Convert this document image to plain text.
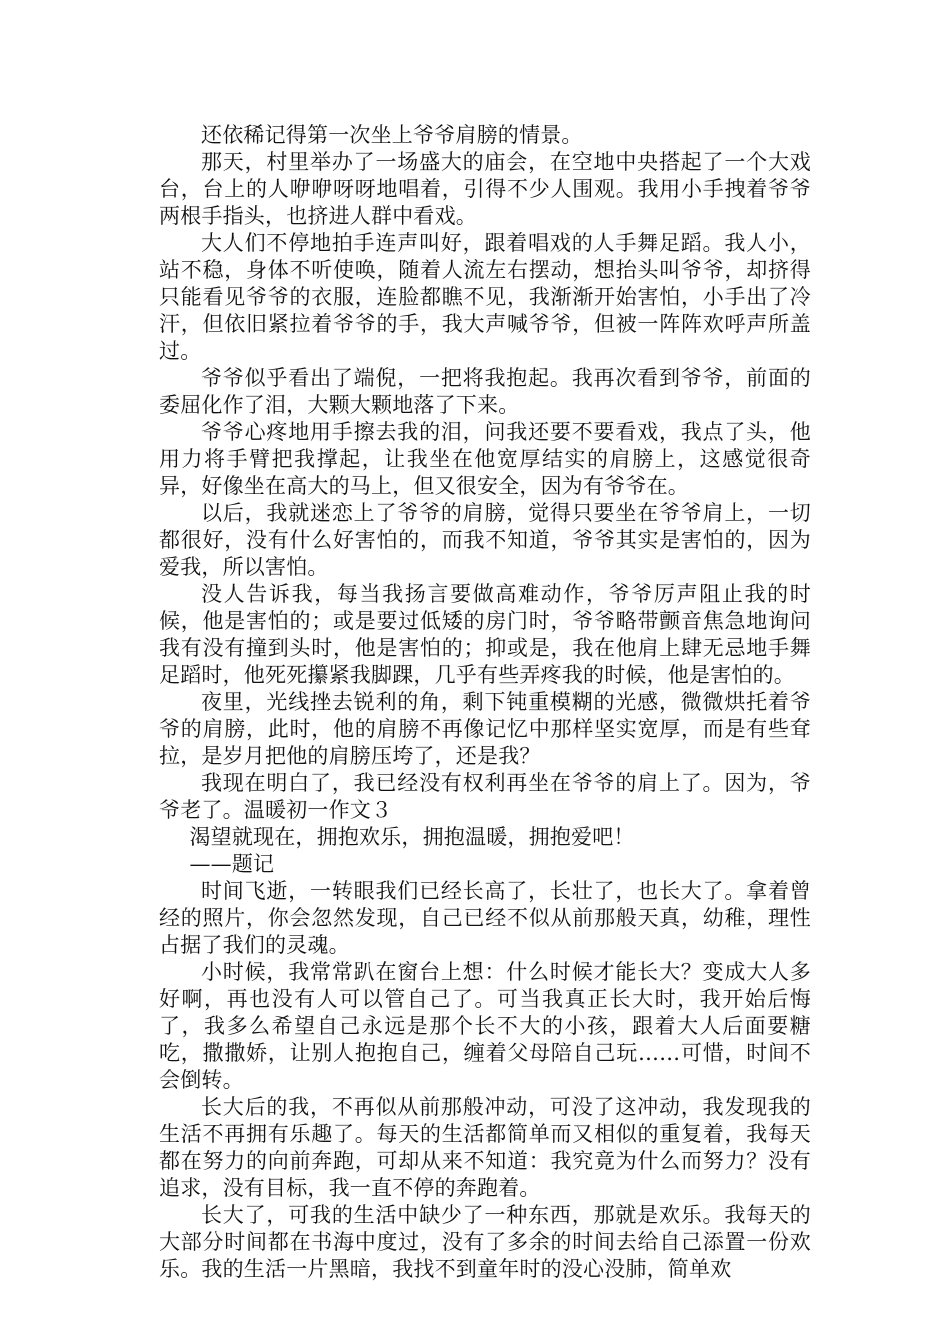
还依稀记得第一次坐上爷爷肩膀的情景。

那天，村里举办了一场盛大的庙会，在空地中央搭起了一个大戏台，台上的人咿咿呀呀地唱着，引得不少人围观。我用小手拽着爷爷两根手指头，也挤进人群中看戏。

大人们不停地拍手连声叫好，跟着唱戏的人手舞足蹈。我人小，站不稳，身体不听使唤，随着人流左右摆动，想抬头叫爷爷，却挤得只能看见爷爷的衣服，连脸都瞧不见，我渐渐开始害怕，小手出了冷汗，但依旧紧拉着爷爷的手，我大声喊爷爷，但被一阵阵欢呼声所盖过。

爷爷似乎看出了端倪，一把将我抱起。我再次看到爷爷，前面的委屈化作了泪，大颗大颗地落了下来。

爷爷心疼地用手擦去我的泪，问我还要不要看戏，我点了头，他用力将手臂把我撑起，让我坐在他宽厚结实的肩膀上，这感觉很奇异，好像坐在高大的马上，但又很安全，因为有爷爷在。

以后，我就迷恋上了爷爷的肩膀，觉得只要坐在爷爷肩上，一切都很好，没有什么好害怕的，而我不知道，爷爷其实是害怕的，因为爱我，所以害怕。

没人告诉我，每当我扬言要做高难动作，爷爷厉声阻止我的时候，他是害怕的；或是要过低矮的房门时，爷爷略带颤音焦急地询问我有没有撞到头时，他是害怕的；抑或是，我在他肩上肆无忌地手舞足蹈时，他死死攥紧我脚踝，几乎有些弄疼我的时候，他是害怕的。

夜里，光线挫去锐利的角，剩下钝重模糊的光感，微微烘托着爷爷的肩膀，此时，他的肩膀不再像记忆中那样坚实宽厚，而是有些耷拉，是岁月把他的肩膀压垮了，还是我？

我现在明白了，我已经没有权利再坐在爷爷的肩上了。因为，爷爷老了。温暖初一作文３

渴望就现在，拥抱欢乐，拥抱温暖，拥抱爱吧！

——题记

时间飞逝，一转眼我们已经长高了，长壮了，也长大了。拿着曾经的照片，你会忽然发现，自己已经不似从前那般天真，幼稚，理性占据了我们的灵魂。

小时候，我常常趴在窗台上想：什么时候才能长大？变成大人多好啊，再也没有人可以管自己了。可当我真正长大时，我开始后悔了，我多么希望自己永远是那个长不大的小孩，跟着大人后面要糖吃，撒撒娇，让别人抱抱自己，缠着父母陪自己玩……可惜，时间不会倒转。

长大后的我，不再似从前那般冲动，可没了这冲动，我发现我的生活不再拥有乐趣了。每天的生活都简单而又相似的重复着，我每天都在努力的向前奔跑，可却从来不知道：我究竟为什么而努力？没有追求，没有目标，我一直不停的奔跑着。

长大了，可我的生活中缺少了一种东西，那就是欢乐。我每天的大部分时间都在书海中度过，没有了多余的时间去给自己添置一份欢乐。我的生活一片黑暗，我找不到童年时的没心没肺，简单欢
